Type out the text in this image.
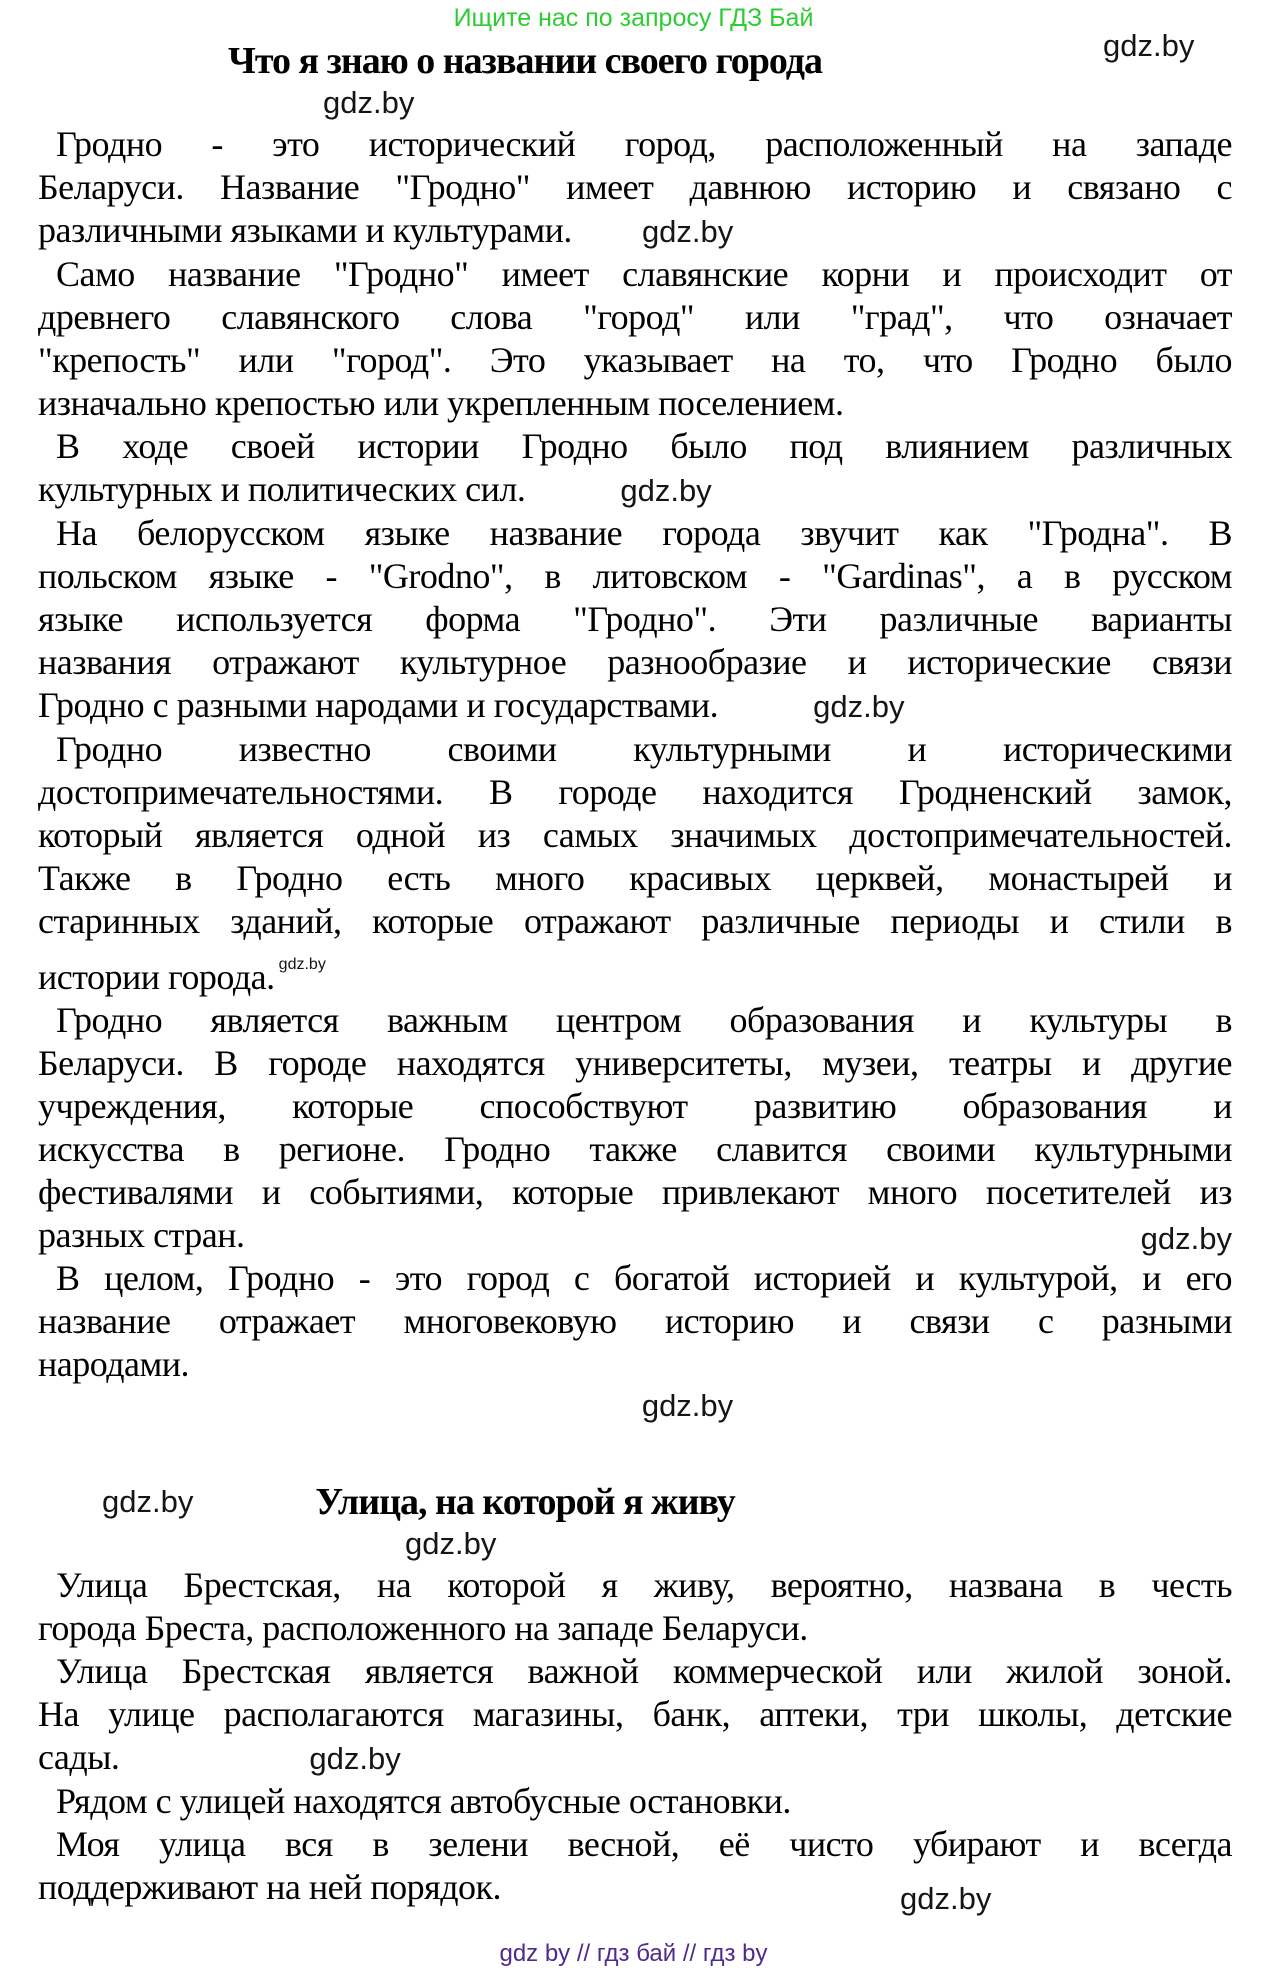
Ищите нас по запросу ГДЗ Бай
gdz.by
Что я знаю о названии своего города
gdz.by

Гродно - это исторический город, расположенный на западе
Беларуси. Название "Гродно" имеет давнюю историю и связано с
различными языками и культурами. gdz.by

Само название "Гродно" имеет славянские корни и происходит от
древнего славянского слова "город" или "град", что означает
"крепость" или "город". Это указывает на то, что Гродно было
изначально крепостью или укрепленным поселением.

В ходе своей истории Гродно было под влиянием различных
культурных и политических сил.	gdz.by

На белорусском языке название города звучит как "Гродна". В
польском языке - "Grodno", в литовском - "Gardinas", а в русском
языке используется форма "Гродно". Эти различные варианты
названия отражают культурное разнообразие и исторические связи
Гродно с разными народами и государствами.	gdz.by

Гродно известно своими культурными и историческими
достопримечательностями. В городе находится Гродненский замок,
который является одной из самых значимых достопримечательностей.
Также в Гродно есть много красивых церквей, монастырей и
старинных зданий, которые отражают различные периоды и стили в
истории города. $^{gdz.by}$

Гродно является важным центром образования и культуры в
Беларуси. В городе находятся университеты, музеи, театры и другие
учреждения, которые способствуют развитию образования и
искусства в регионе. Гродно также славится своими культурными
фестивалями и событиями, которые привлекают много посетителей из
gdz.by
разных стран.

В целом, Гродно - это город с богатой историей и культурой, и его
название отражает многовековую историю и связи с разными
народами.

gdz.by
gdz.by	Улица, на которой я живу
gdz.by

Улица Брестская, на которой я живу, вероятно, названа в честь
города Бреста, расположенного на западе Беларуси.

Улица Брестская является важной коммерческой или жилой зоной.
На улице располагаются магазины, банк, аптеки, три школы, детские
сады.	gdz.by

Рядом с улицей находятся автобусные остановки.

Моя улица вся в зелени весной, её чисто убирают и всегда
gdz.by
поддерживают на ней порядок.

gdz by // гдз бай // гдз by
